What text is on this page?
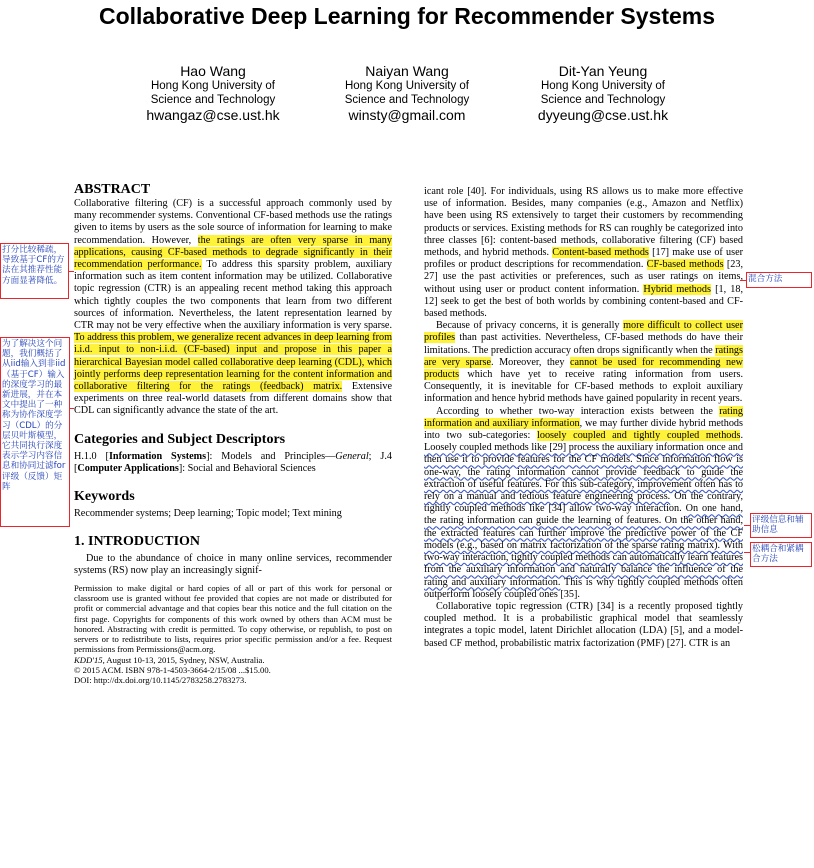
Collaborative Deep Learning for Recommender Systems
Hao Wang
Hong Kong University of
Science and Technology
hwangaz@cse.ust.hk
Naiyan Wang
Hong Kong University of
Science and Technology
winsty@gmail.com
Dit-Yan Yeung
Hong Kong University of
Science and Technology
dyyeung@cse.ust.hk
ABSTRACT

Collaborative filtering (CF) is a successful approach commonly used by many recommender systems. Conventional CF-based methods use the ratings given to items by users as the sole source of information for learning to make recommendation. However, the ratings are often very sparse in many applications, causing CF-based methods to degrade significantly in their recommendation performance. To address this sparsity problem, auxiliary information such as item content information may be utilized. Collaborative topic regression (CTR) is an appealing recent method taking this approach which tightly couples the two components that learn from two different sources of information. Nevertheless, the latent representation learned by CTR may not be very effective when the auxiliary information is very sparse. To address this problem, we generalize recent advances in deep learning from i.i.d. input to non-i.i.d. (CF-based) input and propose in this paper a hierarchical Bayesian model called collaborative deep learning (CDL), which jointly performs deep representation learning for the content information and collaborative filtering for the ratings (feedback) matrix. Extensive experiments on three real-world datasets from different domains show that CDL can significantly advance the state of the art.

Categories and Subject Descriptors

H.1.0 [Information Systems]: Models and Principles—General; J.4 [Computer Applications]: Social and Behavioral Sciences

Keywords

Recommender systems; Deep learning; Topic model; Text mining

1. INTRODUCTION

Due to the abundance of choice in many online services, recommender systems (RS) now play an increasingly signif-

Permission to make digital or hard copies of all or part of this work for personal or classroom use is granted without fee provided that copies are not made or distributed for profit or commercial advantage and that copies bear this notice and the full citation on the first page. Copyrights for components of this work owned by others than ACM must be honored. Abstracting with credit is permitted. To copy otherwise, or republish, to post on servers or to redistribute to lists, requires prior specific permission and/or a fee. Request permissions from Permissions@acm.org.

KDD'15, August 10-13, 2015, Sydney, NSW, Australia.

© 2015 ACM. ISBN 978-1-4503-3664-2/15/08 ...$15.00.

DOI: http://dx.doi.org/10.1145/2783258.2783273.

icant role [40]. For individuals, using RS allows us to make more effective use of information. Besides, many companies (e.g., Amazon and Netflix) have been using RS extensively to target their customers by recommending products or services. Existing methods for RS can roughly be categorized into three classes [6]: content-based methods, collaborative filtering (CF) based methods, and hybrid methods. Content-based methods [17] make use of user profiles or product descriptions for recommendation. CF-based methods [23, 27] use the past activities or preferences, such as user ratings on items, without using user or product content information. Hybrid methods [1, 18, 12] seek to get the best of both worlds by combining content-based and CF-based methods.

Because of privacy concerns, it is generally more difficult to collect user profiles than past activities. Nevertheless, CF-based methods do have their limitations. The prediction accuracy often drops significantly when the ratings are very sparse. Moreover, they cannot be used for recommending new products which have yet to receive rating information from users. Consequently, it is inevitable for CF-based methods to exploit auxiliary information and hence hybrid methods have gained popularity in recent years.

According to whether two-way interaction exists between the rating information and auxiliary information, we may further divide hybrid methods into two sub-categories: loosely coupled and tightly coupled methods. Loosely coupled methods like [29] process the auxiliary information once and then use it to provide features for the CF models. Since information flow is one-way, the rating information cannot provide feedback to guide the extraction of useful features. For this sub-category, improvement often has to rely on a manual and tedious feature engineering process. On the contrary, tightly coupled methods like [34] allow two-way interaction. On one hand, the rating information can guide the learning of features. On the other hand, the extracted features can further improve the predictive power of the CF models (e.g., based on matrix factorization of the sparse rating matrix). With two-way interaction, tightly coupled methods can automatically learn features from the auxiliary information and naturally balance the influence of the rating and auxiliary information. This is why tightly coupled methods often outperform loosely coupled ones [35].

Collaborative topic regression (CTR) [34] is a recently proposed tightly coupled method. It is a probabilistic graphical model that seamlessly integrates a topic model, latent Dirichlet allocation (LDA) [5], and a model-based CF method, probabilistic matrix factorization (PMF) [27]. CTR is an

打分比较稀疏，导致基于CF的方法在其推荐性能方面显著降低。
为了解决这个问题，我们概括了从iid输入到非iid（基于CF）输入的深度学习的最新进展，并在本文中提出了一种称为协作深度学习（CDL）的分层贝叶斯模型，它共同执行深度表示学习内容信息和协同过滤for评级（反馈）矩阵
混合方法
评级信息和辅助信息
松耦合和紧耦合方法
